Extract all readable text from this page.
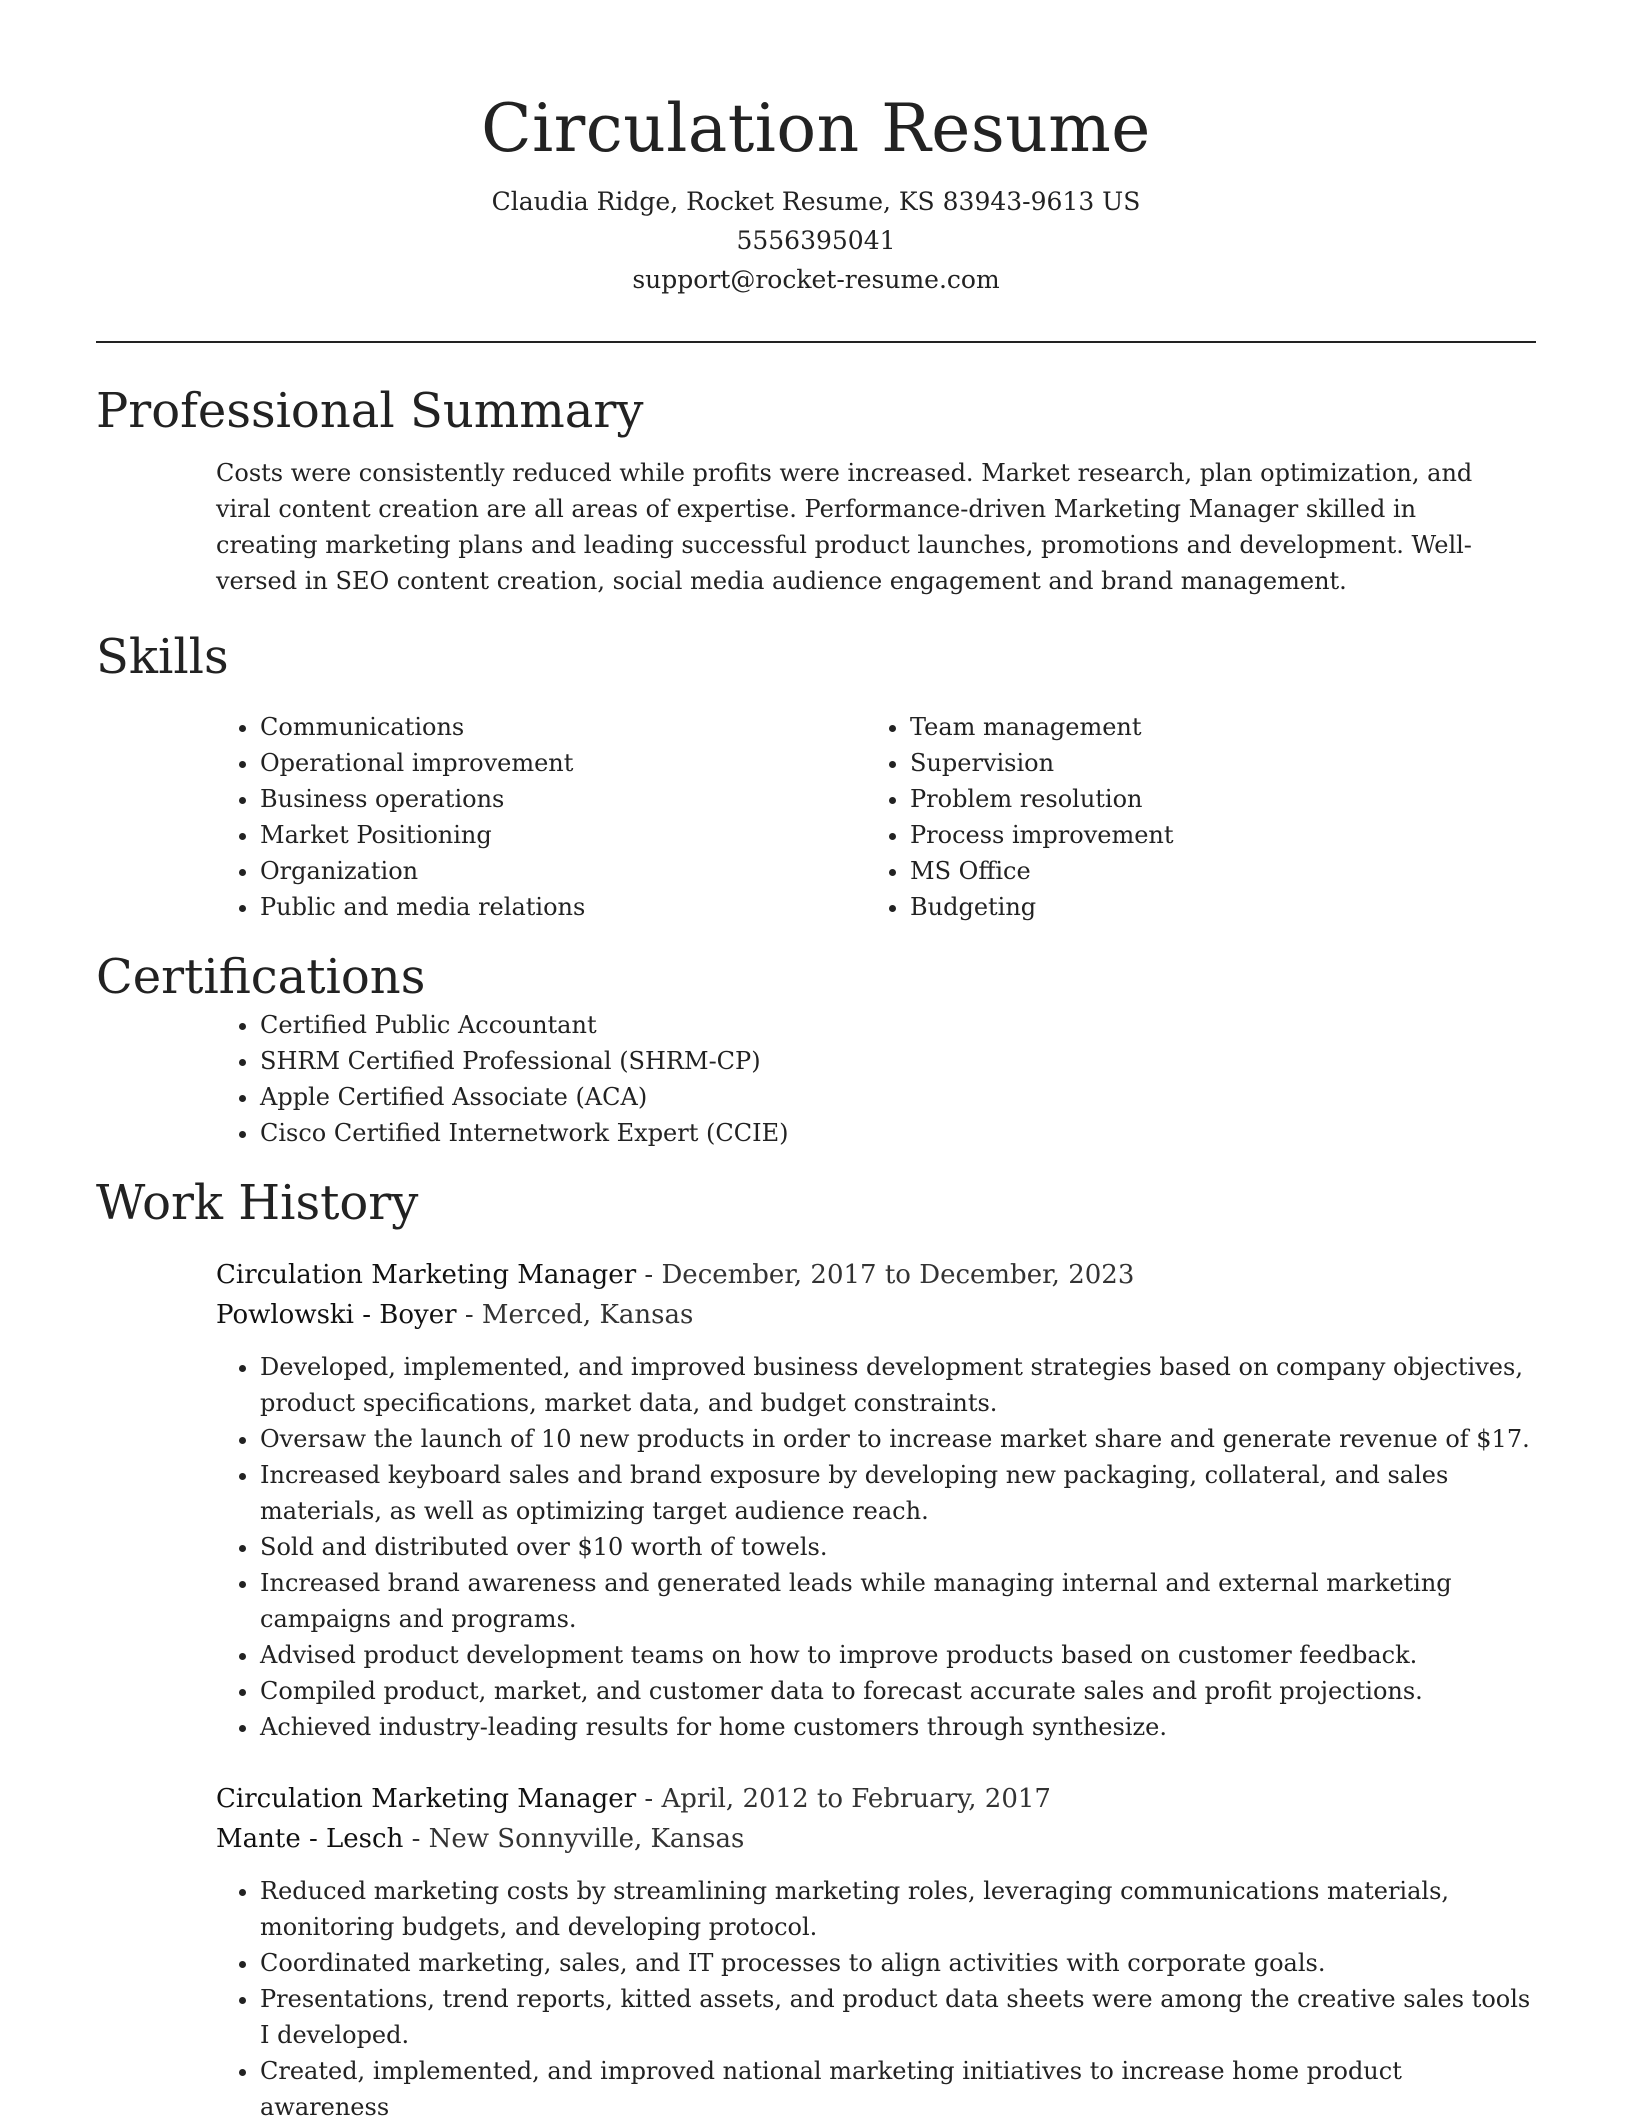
Circulation Resume

Claudia Ridge, Rocket Resume, KS 83943-9613 US

5556395041

support@rocket-resume.com

Professional Summary

Costs were consistently reduced while profits were increased. Market research, plan optimization, and viral content creation are all areas of expertise. Performance-driven Marketing Manager skilled in creating marketing plans and leading successful product launches, promotions and development. Well-versed in SEO content creation, social media audience engagement and brand management.

Skills
• Communications
• Operational improvement
• Business operations
• Market Positioning
• Organization
• Public and media relations
• Team management
• Supervision
• Problem resolution
• Process improvement
• MS Office
• Budgeting
Certifications
• Certified Public Accountant
• SHRM Certified Professional (SHRM-CP)
• Apple Certified Associate (ACA)
• Cisco Certified Internetwork Expert (CCIE)
Work History

Circulation Marketing Manager - December, 2017 to December, 2023

Powlowski - Boyer - Merced, Kansas

• Developed, implemented, and improved business development strategies based on company objectives, product specifications, market data, and budget constraints.
• Oversaw the launch of 10 new products in order to increase market share and generate revenue of $17.
• Increased keyboard sales and brand exposure by developing new packaging, collateral, and sales materials, as well as optimizing target audience reach.
• Sold and distributed over $10 worth of towels.
• Increased brand awareness and generated leads while managing internal and external marketing campaigns and programs.
• Advised product development teams on how to improve products based on customer feedback.
• Compiled product, market, and customer data to forecast accurate sales and profit projections.
• Achieved industry-leading results for home customers through synthesize.

Circulation Marketing Manager - April, 2012 to February, 2017

Mante - Lesch - New Sonnyville, Kansas

• Reduced marketing costs by streamlining marketing roles, leveraging communications materials, monitoring budgets, and developing protocol.
• Coordinated marketing, sales, and IT processes to align activities with corporate goals.
• Presentations, trend reports, kitted assets, and product data sheets were among the creative sales tools I developed.
• Created, implemented, and improved national marketing initiatives to increase home product awareness
